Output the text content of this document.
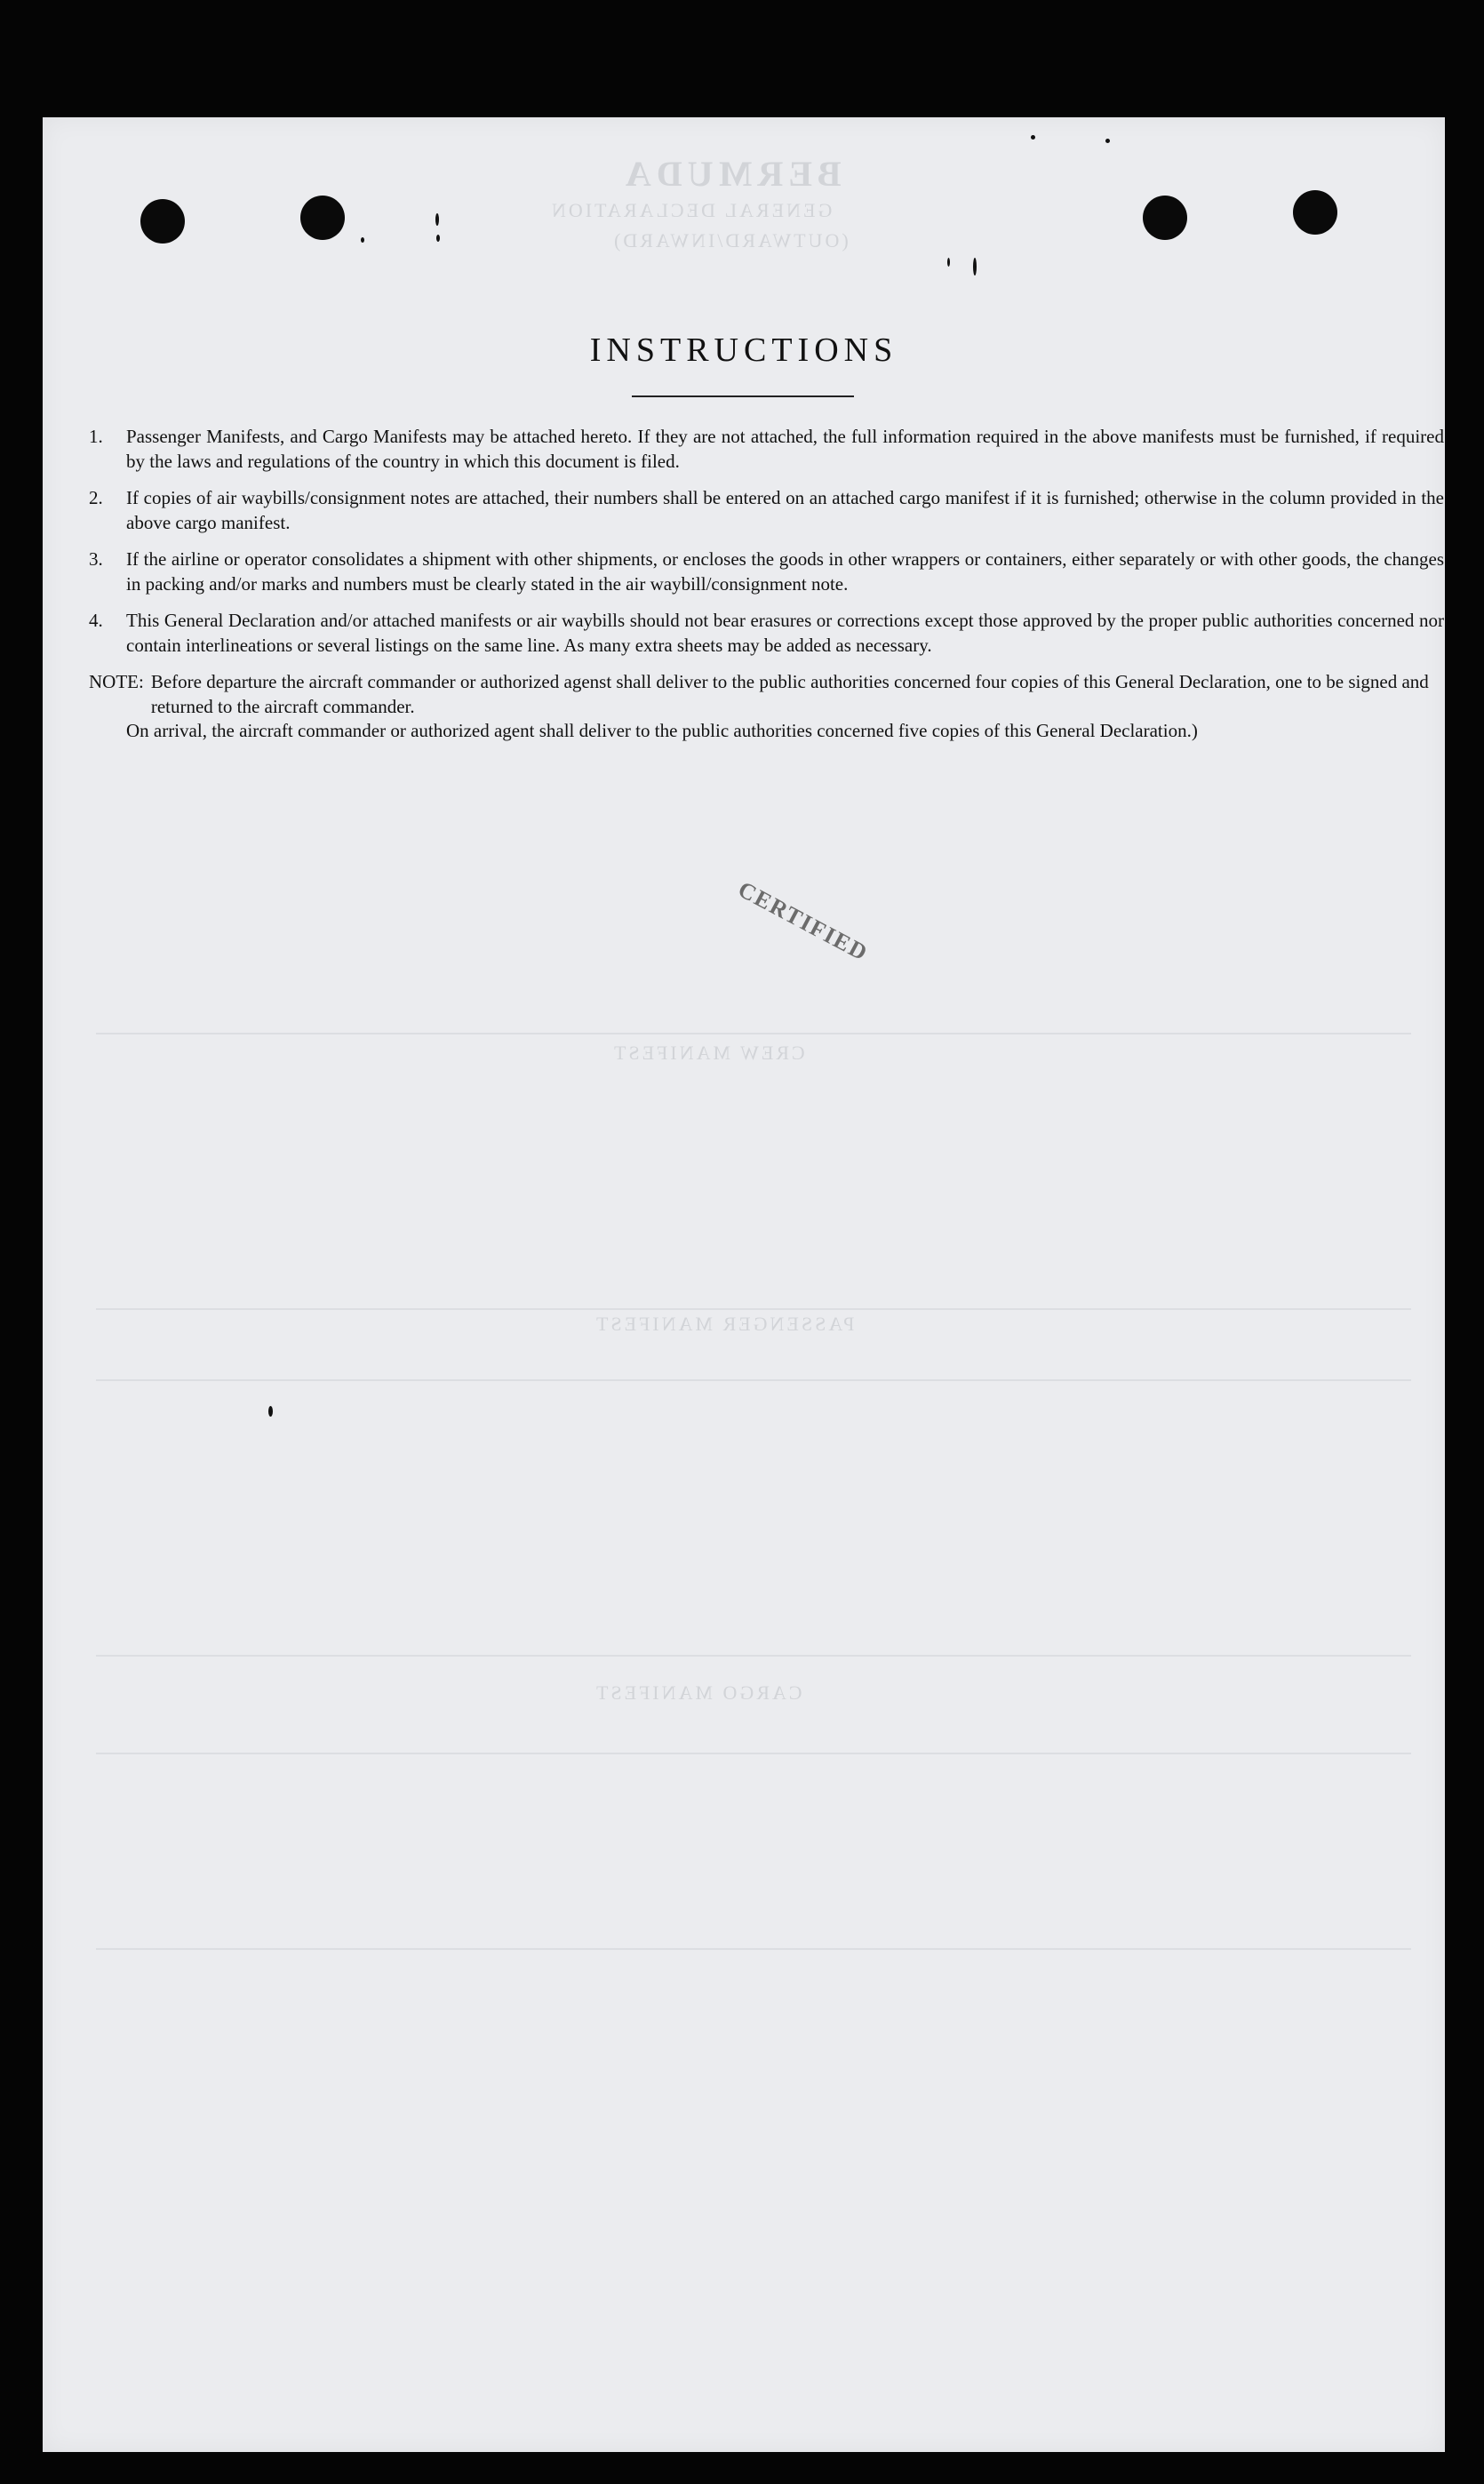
BERMUDA
GENERAL DECLARATION
(OUTWARD/INWARD)
CREW MANIFEST
PASSENGER MANIFEST
CARGO MANIFEST
INSTRUCTIONS
1.	Passenger Manifests, and Cargo Manifests may be attached hereto. If they are not attached, the full information required in the above manifests must be furnished, if required by the laws and regulations of the country in which this document is filed.
2.	If copies of air waybills/consignment notes are attached, their numbers shall be entered on an attached cargo manifest if it is furnished; otherwise in the column provided in the above cargo manifest.
3.	If the airline or operator consolidates a shipment with other shipments, or encloses the goods in other wrappers or containers, either separately or with other goods, the changes in packing and/or marks and numbers must be clearly stated in the air waybill/consignment note.
4.	This General Declaration and/or attached manifests or air waybills should not bear erasures or corrections except those approved by the proper public authorities concerned nor contain interlineations or several listings on the same line. As many extra sheets may be added as necessary.
NOTE: Before departure the aircraft commander or authorized agenst shall deliver to the public authorities concerned four copies of this General Declaration, one to be signed and returned to the aircraft commander.
On arrival, the aircraft commander or authorized agent shall deliver to the public authorities concerned five copies of this General Declaration.)
CERTIFIED
